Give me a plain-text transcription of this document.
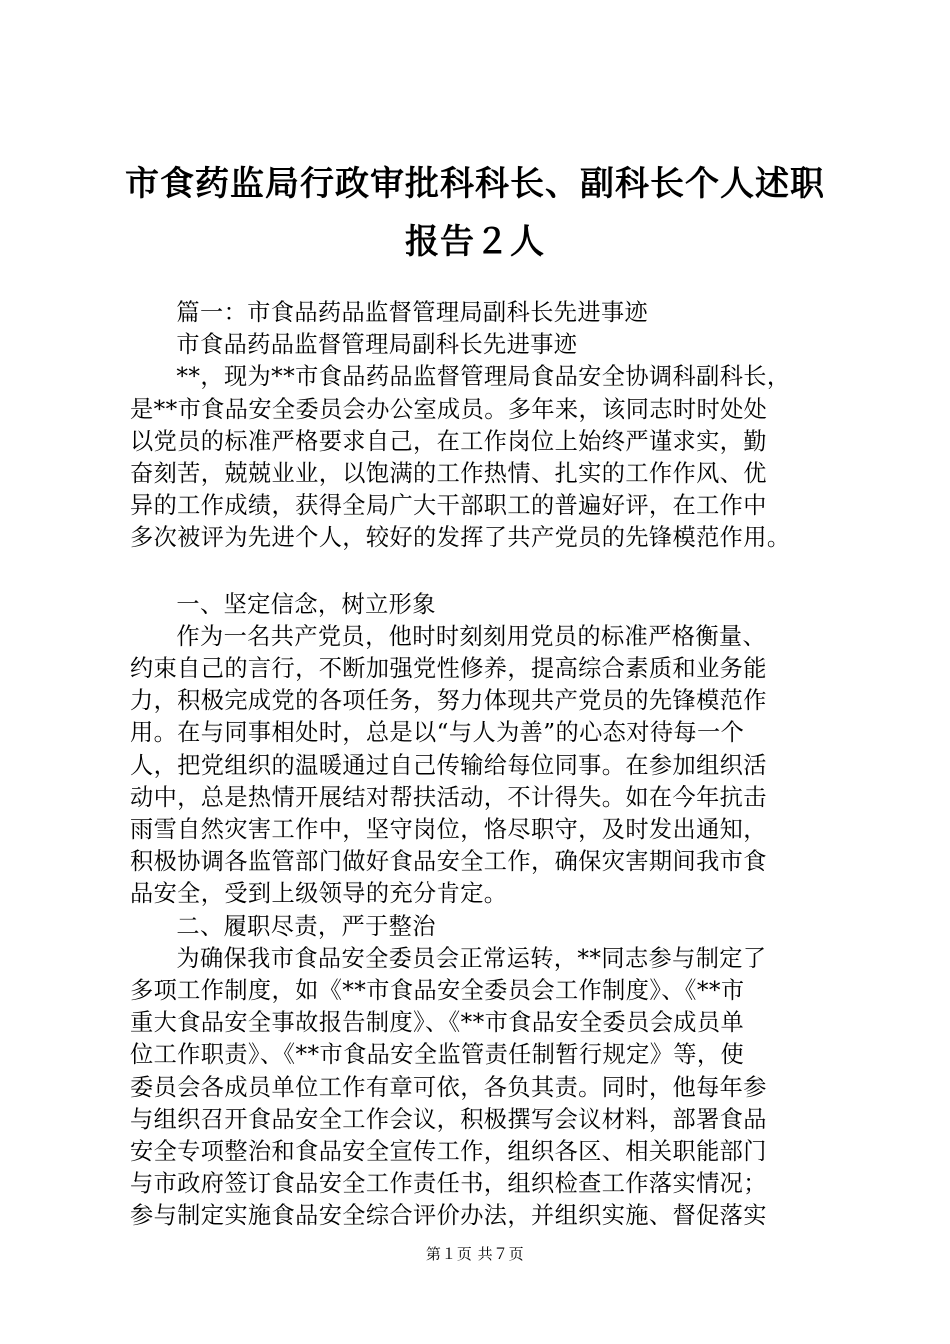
市食药监局行政审批科科长、副科长个人述职
报告２人

篇一：市食品药品监督管理局副科长先进事迹

市食品药品监督管理局副科长先进事迹

**，现为**市食品药品监督管理局食品安全协调科副科长，
是**市食品安全委员会办公室成员。多年来，该同志时时处处
以党员的标准严格要求自己，在工作岗位上始终严谨求实，勤
奋刻苦，兢兢业业，以饱满的工作热情、扎实的工作作风、优
异的工作成绩，获得全局广大干部职工的普遍好评，在工作中
多次被评为先进个人，较好的发挥了共产党员的先锋模范作用。

一、坚定信念，树立形象

作为一名共产党员，他时时刻刻用党员的标准严格衡量、
约束自己的言行，不断加强党性修养，提高综合素质和业务能
力，积极完成党的各项任务，努力体现共产党员的先锋模范作
用。在与同事相处时，总是以“与人为善”的心态对待每一个
人，把党组织的温暖通过自己传输给每位同事。在参加组织活
动中，总是热情开展结对帮扶活动，不计得失。如在今年抗击
雨雪自然灾害工作中，坚守岗位，恪尽职守，及时发出通知，
积极协调各监管部门做好食品安全工作，确保灾害期间我市食
品安全，受到上级领导的充分肯定。

二、履职尽责，严于整治

为确保我市食品安全委员会正常运转，**同志参与制定了
多项工作制度，如《**市食品安全委员会工作制度》、《**市
重大食品安全事故报告制度》、《**市食品安全委员会成员单
位工作职责》、《**市食品安全监管责任制暂行规定》等，使
委员会各成员单位工作有章可依，各负其责。同时，他每年参
与组织召开食品安全工作会议，积极撰写会议材料，部署食品
安全专项整治和食品安全宣传工作，组织各区、相关职能部门
与市政府签订食品安全工作责任书，组织检查工作落实情况；
参与制定实施食品安全综合评价办法，并组织实施、督促落实

第１页 共７页
